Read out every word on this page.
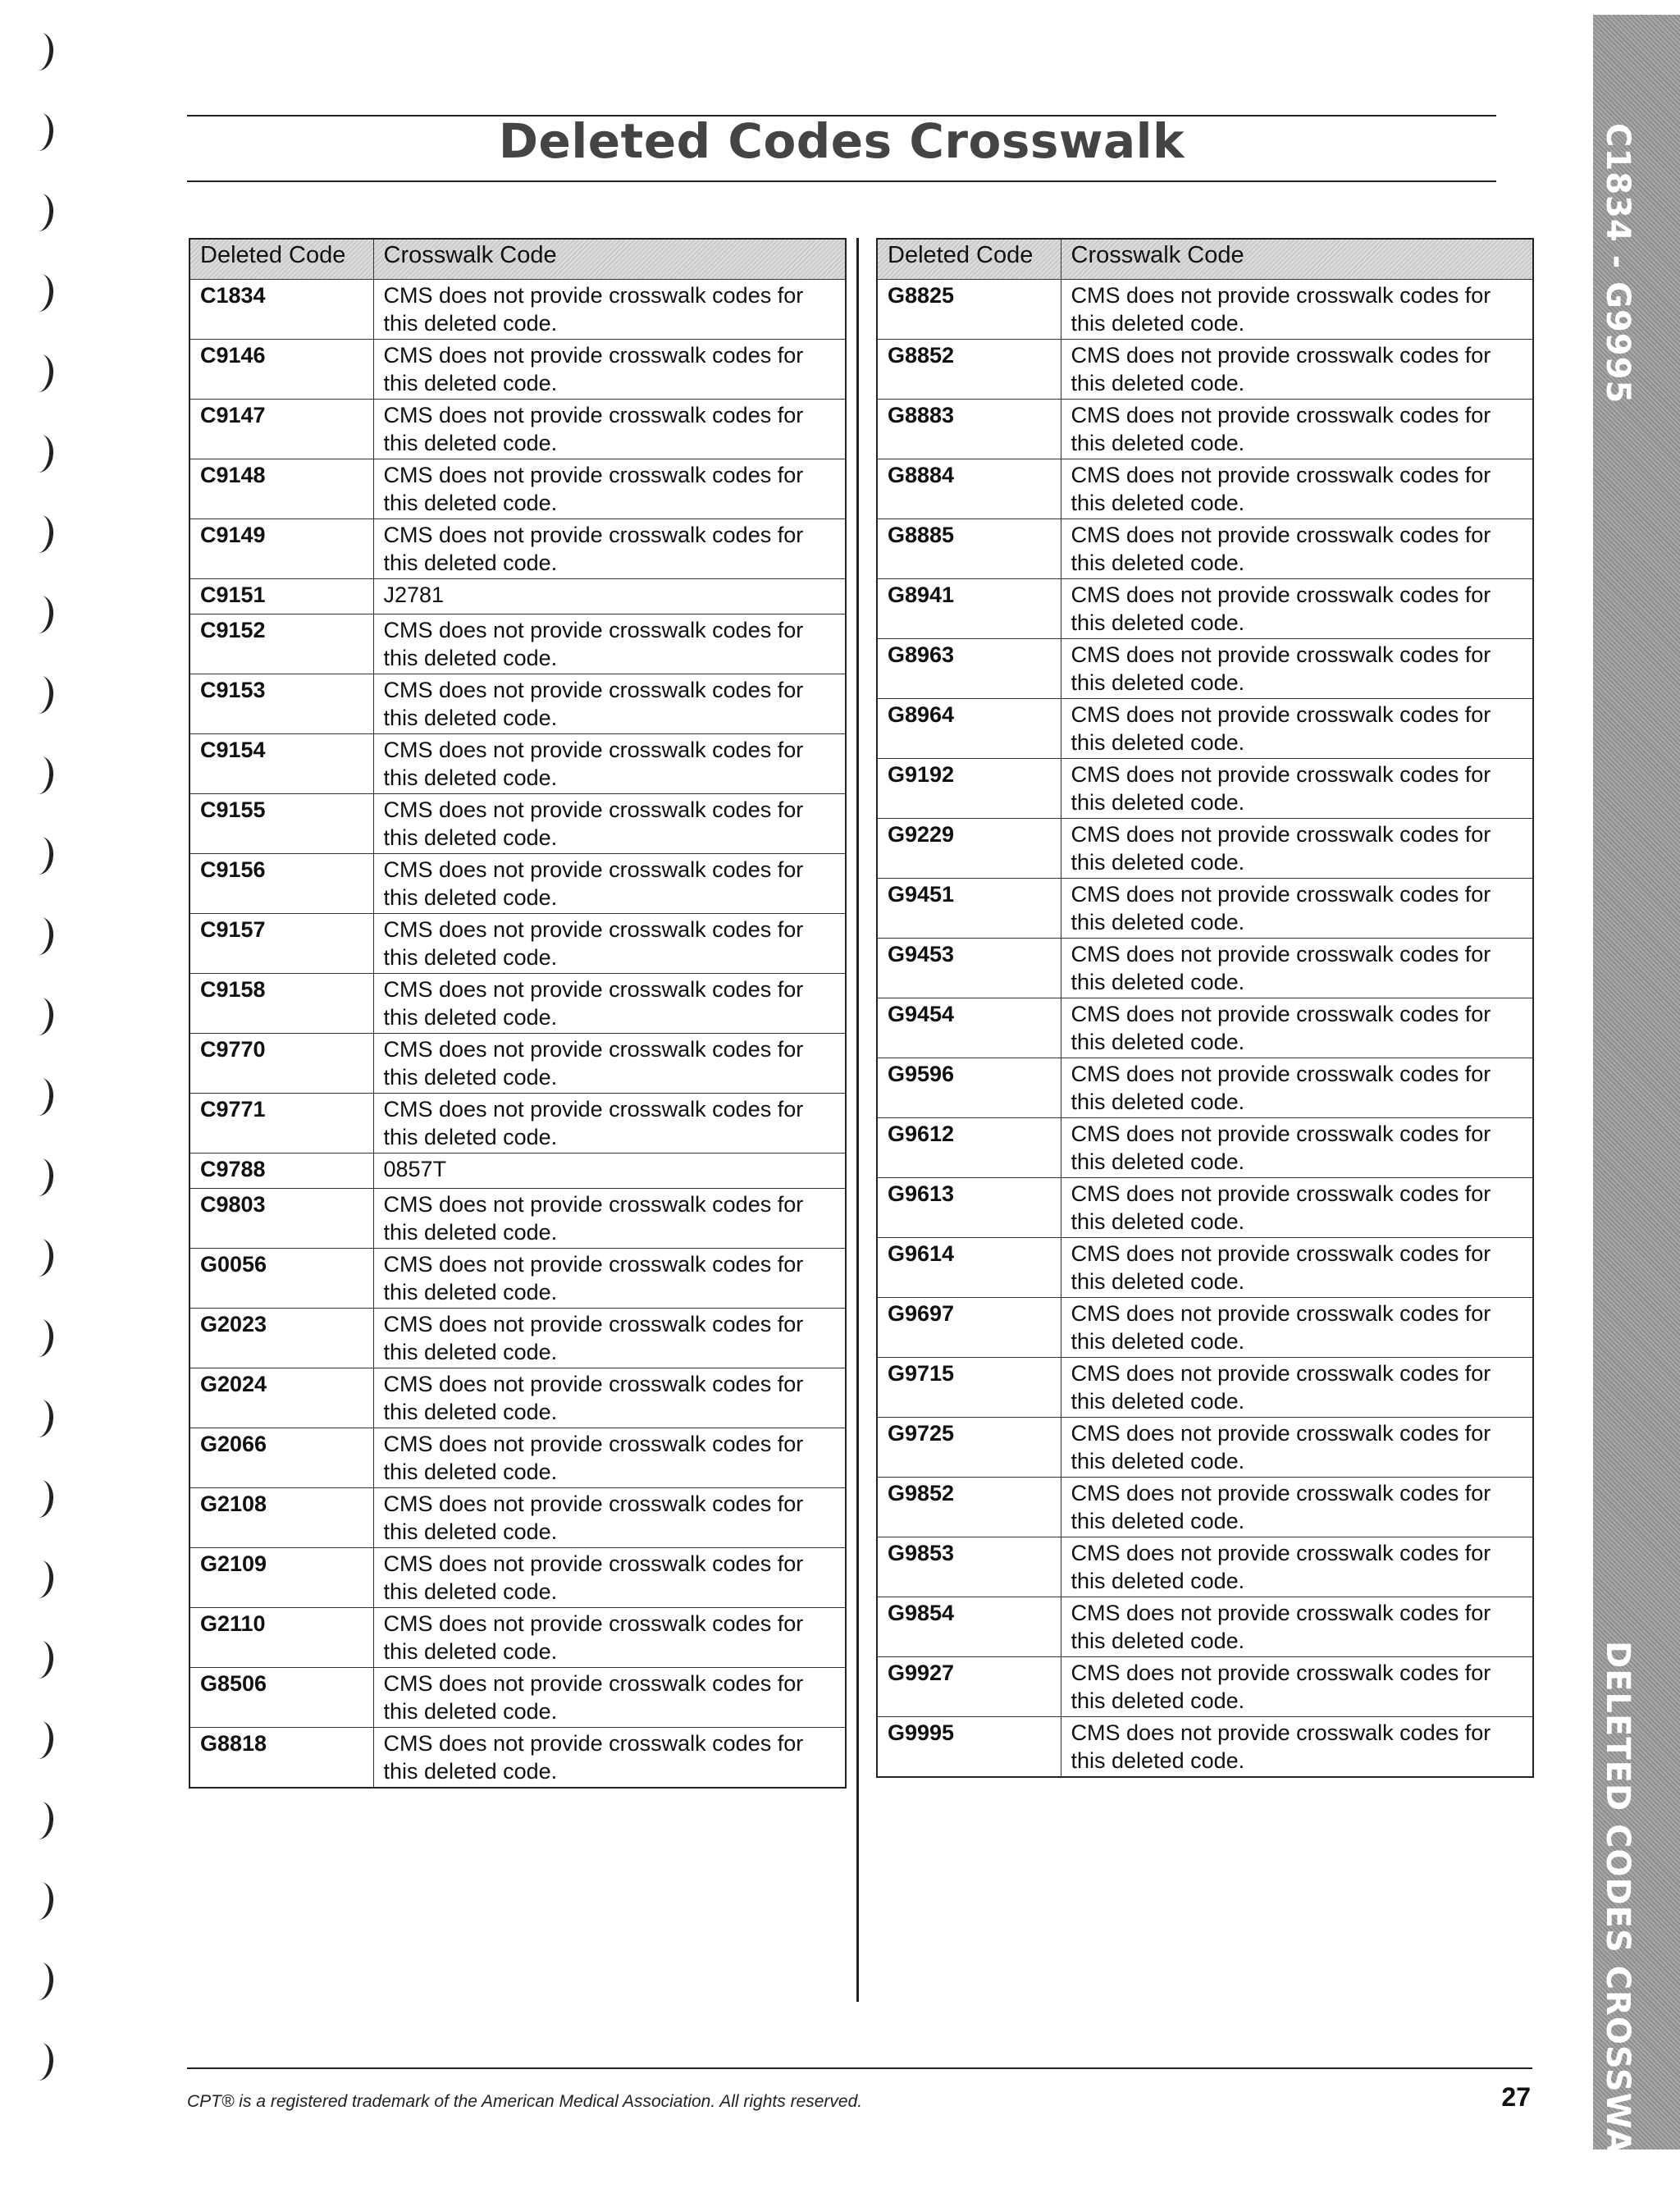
C1834 - G9995
DELETED CODES CROSSWALK
Deleted Codes Crosswalk
Deleted Code	Crosswalk Code
C1834	CMS does not provide crosswalk codes for this deleted code.
C9146	CMS does not provide crosswalk codes for this deleted code.
C9147	CMS does not provide crosswalk codes for this deleted code.
C9148	CMS does not provide crosswalk codes for this deleted code.
C9149	CMS does not provide crosswalk codes for this deleted code.
C9151	J2781
C9152	CMS does not provide crosswalk codes for this deleted code.
C9153	CMS does not provide crosswalk codes for this deleted code.
C9154	CMS does not provide crosswalk codes for this deleted code.
C9155	CMS does not provide crosswalk codes for this deleted code.
C9156	CMS does not provide crosswalk codes for this deleted code.
C9157	CMS does not provide crosswalk codes for this deleted code.
C9158	CMS does not provide crosswalk codes for this deleted code.
C9770	CMS does not provide crosswalk codes for this deleted code.
C9771	CMS does not provide crosswalk codes for this deleted code.
C9788	0857T
C9803	CMS does not provide crosswalk codes for this deleted code.
G0056	CMS does not provide crosswalk codes for this deleted code.
G2023	CMS does not provide crosswalk codes for this deleted code.
G2024	CMS does not provide crosswalk codes for this deleted code.
G2066	CMS does not provide crosswalk codes for this deleted code.
G2108	CMS does not provide crosswalk codes for this deleted code.
G2109	CMS does not provide crosswalk codes for this deleted code.
G2110	CMS does not provide crosswalk codes for this deleted code.
G8506	CMS does not provide crosswalk codes for this deleted code.
G8818	CMS does not provide crosswalk codes for this deleted code.
Deleted Code	Crosswalk Code
G8825	CMS does not provide crosswalk codes for this deleted code.
G8852	CMS does not provide crosswalk codes for this deleted code.
G8883	CMS does not provide crosswalk codes for this deleted code.
G8884	CMS does not provide crosswalk codes for this deleted code.
G8885	CMS does not provide crosswalk codes for this deleted code.
G8941	CMS does not provide crosswalk codes for this deleted code.
G8963	CMS does not provide crosswalk codes for this deleted code.
G8964	CMS does not provide crosswalk codes for this deleted code.
G9192	CMS does not provide crosswalk codes for this deleted code.
G9229	CMS does not provide crosswalk codes for this deleted code.
G9451	CMS does not provide crosswalk codes for this deleted code.
G9453	CMS does not provide crosswalk codes for this deleted code.
G9454	CMS does not provide crosswalk codes for this deleted code.
G9596	CMS does not provide crosswalk codes for this deleted code.
G9612	CMS does not provide crosswalk codes for this deleted code.
G9613	CMS does not provide crosswalk codes for this deleted code.
G9614	CMS does not provide crosswalk codes for this deleted code.
G9697	CMS does not provide crosswalk codes for this deleted code.
G9715	CMS does not provide crosswalk codes for this deleted code.
G9725	CMS does not provide crosswalk codes for this deleted code.
G9852	CMS does not provide crosswalk codes for this deleted code.
G9853	CMS does not provide crosswalk codes for this deleted code.
G9854	CMS does not provide crosswalk codes for this deleted code.
G9927	CMS does not provide crosswalk codes for this deleted code.
G9995	CMS does not provide crosswalk codes for this deleted code.
CPT® is a registered trademark of the American Medical Association. All rights reserved.	27
